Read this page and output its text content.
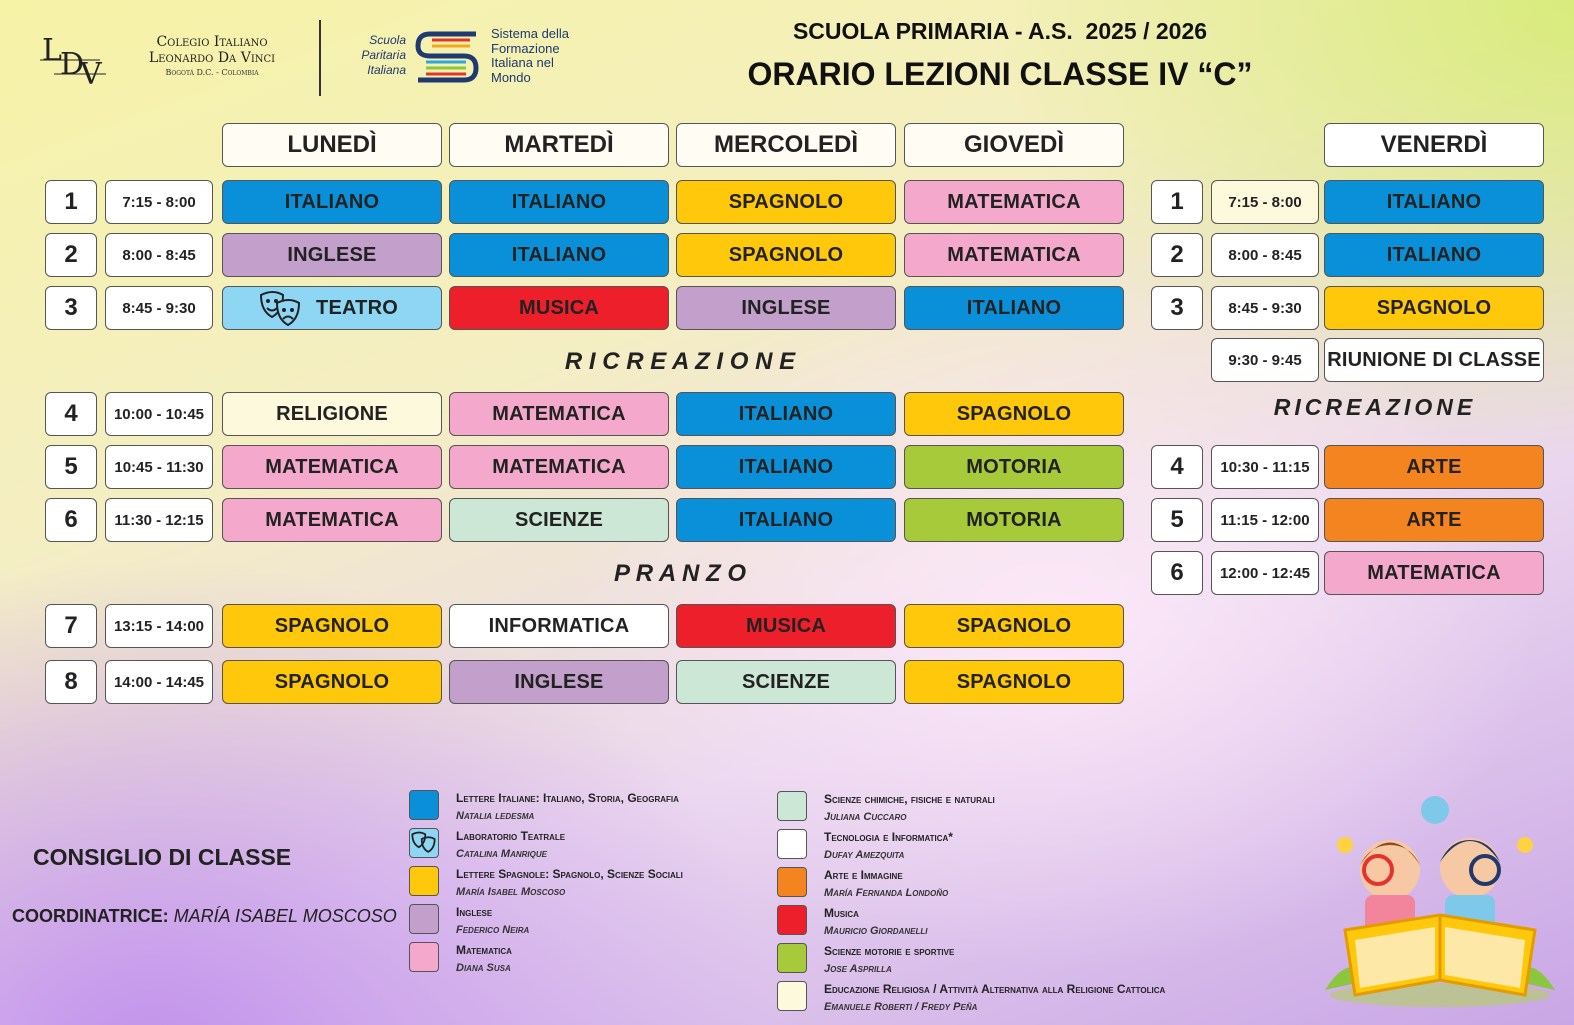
L
D
V
Colegio Italiano
Leonardo Da Vinci
Bogotá D.C. - Colombia
Scuola
Paritaria
Italiana
Sistema della
Formazione
Italiana nel
Mondo
SCUOLA PRIMARIA - A.S.  2025 / 2026
ORARIO LEZIONI CLASSE IV “C”
LUNEDÌ	MARTEDÌ	MERCOLEDÌ	GIOVEDÌ	VENERDÌ
1	7:15 - 8:00	ITALIANO	ITALIANO	SPAGNOLO	MATEMATICA
2	8:00 - 8:45	INGLESE	ITALIANO	SPAGNOLO	MATEMATICA
3	8:45 - 9:30	TEATRO	MUSICA	INGLESE	ITALIANO
4	10:00 - 10:45	RELIGIONE	MATEMATICA	ITALIANO	SPAGNOLO
5	10:45 - 11:30	MATEMATICA	MATEMATICA	ITALIANO	MOTORIA
6	11:30 - 12:15	MATEMATICA	SCIENZE	ITALIANO	MOTORIA
7	13:15 - 14:00	SPAGNOLO	INFORMATICA	MUSICA	SPAGNOLO
8	14:00 - 14:45	SPAGNOLO	INGLESE	SCIENZE	SPAGNOLO
R I C R E A Z I O N E
P R A N Z O
RICREAZIONE
1	7:15 - 8:00	ITALIANO
2	8:00 - 8:45	ITALIANO
3	8:45 - 9:30	SPAGNOLO
9:30 - 9:45	RIUNIONE DI CLASSE
4	10:30 - 11:15	ARTE
5	11:15 - 12:00	ARTE
6	12:00 - 12:45	MATEMATICA
CONSIGLIO DI CLASSE
COORDINATRICE: MARÍA ISABEL MOSCOSO
Lettere Italiane: Italiano, Storia, Geografia
Natalia ledesma
Laboratorio Teatrale
Catalina Manrique
Lettere Spagnole: Spagnolo, Scienze Sociali
María Isabel Moscoso
Inglese
Federico Neira
Matematica
Diana Susa
Scienze chimiche, fisiche e naturali
Juliana Cuccaro
Tecnologia e Informatica*
Dufay Amezquita
Arte e Immagine
María Fernanda Londoño
Musica
Mauricio Giordanelli
Scienze motorie e sportive
Jose Asprilla
Educazione Religiosa / Attività Alternativa alla Religione Cattolica
Emanuele Roberti / Fredy Peña
